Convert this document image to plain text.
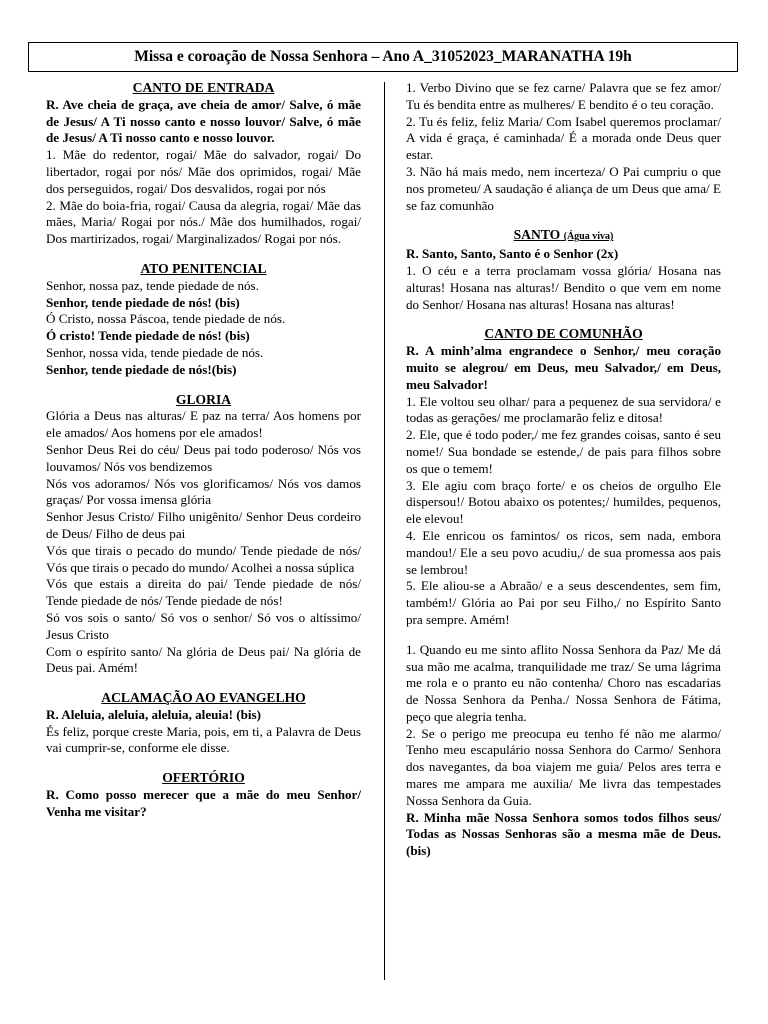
Missa e coroação de Nossa Senhora – Ano A_31052023_MARANATHA 19h
CANTO DE ENTRADA

R. Ave cheia de graça, ave cheia de amor/ Salve, ó mãe de Jesus/ A Ti nosso canto e nosso louvor/ Salve, ó mãe de Jesus/ A Ti nosso canto e nosso louvor.

1. Mãe do redentor, rogai/ Mãe do salvador, rogai/ Do libertador, rogai por nós/ Mãe dos oprimidos, rogai/ Mãe dos perseguidos, rogai/ Dos desvalidos, rogai por nós

2. Mãe do boia-fria, rogai/ Causa da alegria, rogai/ Mãe das mães, Maria/ Rogai por nós./ Mãe dos humilhados, rogai/ Dos martirizados, rogai/ Marginalizados/ Rogai por nós.

ATO PENITENCIAL

Senhor, nossa paz, tende piedade de nós.

Senhor, tende piedade de nós! (bis)

Ó Cristo, nossa Páscoa, tende piedade de nós.

Ó cristo! Tende piedade de nós! (bis)

Senhor, nossa vida, tende piedade de nós.

Senhor, tende piedade de nós!(bis)

GLORIA

Glória a Deus nas alturas/ E paz na terra/ Aos homens por ele amados/ Aos homens por ele amados!

Senhor Deus Rei do céu/ Deus pai todo poderoso/ Nós vos louvamos/ Nós vos bendizemos

Nós vos adoramos/ Nós vos glorificamos/ Nós vos damos graças/ Por vossa imensa glória

Senhor Jesus Cristo/ Filho unigênito/ Senhor Deus cordeiro de Deus/ Filho de deus pai

Vós que tirais o pecado do mundo/ Tende piedade de nós/ Vós que tirais o pecado do mundo/ Acolhei a nossa súplica

Vós que estais a direita do pai/ Tende piedade de nós/ Tende piedade de nós/ Tende piedade de nós!

Só vos sois o santo/ Só vos o senhor/ Só vos o altíssimo/ Jesus Cristo

Com o espírito santo/ Na glória de Deus pai/ Na glória de Deus pai. Amém!

ACLAMAÇÃO AO EVANGELHO

R. Aleluia, aleluia, aleluia, aleuia! (bis)

És feliz, porque creste Maria, pois, em ti, a Palavra de Deus vai cumprir-se, conforme ele disse.

OFERTÓRIO

R. Como posso merecer que a mãe do meu Senhor/ Venha me visitar?

1. Verbo Divino que se fez carne/ Palavra que se fez amor/ Tu és bendita entre as mulheres/ E bendito é o teu coração.

2. Tu és feliz, feliz Maria/ Com Isabel queremos proclamar/ A vida é graça, é caminhada/ É a morada onde Deus quer estar.

3. Não há mais medo, nem incerteza/ O Pai cumpriu o que nos prometeu/ A saudação é aliança de um Deus que ama/ E se faz comunhão

SANTO (Água viva)

R. Santo, Santo, Santo é o Senhor (2x)

1. O céu e a terra proclamam vossa glória/ Hosana nas alturas! Hosana nas alturas!/ Bendito o que vem em nome do Senhor/ Hosana nas alturas! Hosana nas alturas!

CANTO DE COMUNHÃO

R. A minh’alma engrandece o Senhor,/ meu coração muito se alegrou/ em Deus, meu Salvador,/ em Deus, meu Salvador!

1. Ele voltou seu olhar/ para a pequenez de sua servidora/ e todas as gerações/ me proclamarão feliz e ditosa!

2. Ele, que é todo poder,/ me fez grandes coisas, santo é seu nome!/ Sua bondade se estende,/ de pais para filhos sobre os que o temem!

3. Ele agiu com braço forte/ e os cheios de orgulho Ele dispersou!/ Botou abaixo os potentes;/ humildes, pequenos, ele elevou!

4. Ele enricou os famintos/ os ricos, sem nada, embora mandou!/ Ele a seu povo acudiu,/ de sua promessa aos pais se lembrou!

5. Ele aliou-se a Abraão/ e a seus descendentes, sem fim, também!/ Glória ao Pai por seu Filho,/ no Espírito Santo pra sempre. Amém!

1. Quando eu me sinto aflito Nossa Senhora da Paz/ Me dá sua mão me acalma, tranquilidade me traz/ Se uma lágrima me rola e o pranto eu não contenha/ Choro nas escadarias de Nossa Senhora da Penha./ Nossa Senhora de Fátima, peço que alegria tenha.

2. Se o perigo me preocupa eu tenho fé não me alarmo/ Tenho meu escapulário nossa Senhora do Carmo/ Senhora dos navegantes, da boa viajem me guia/ Pelos ares terra e mares me ampara me auxilia/ Me livra das tempestades Nossa Senhora da Guia.

R. Minha mãe Nossa Senhora somos todos filhos seus/ Todas as Nossas Senhoras são a mesma mãe de Deus. (bis)
